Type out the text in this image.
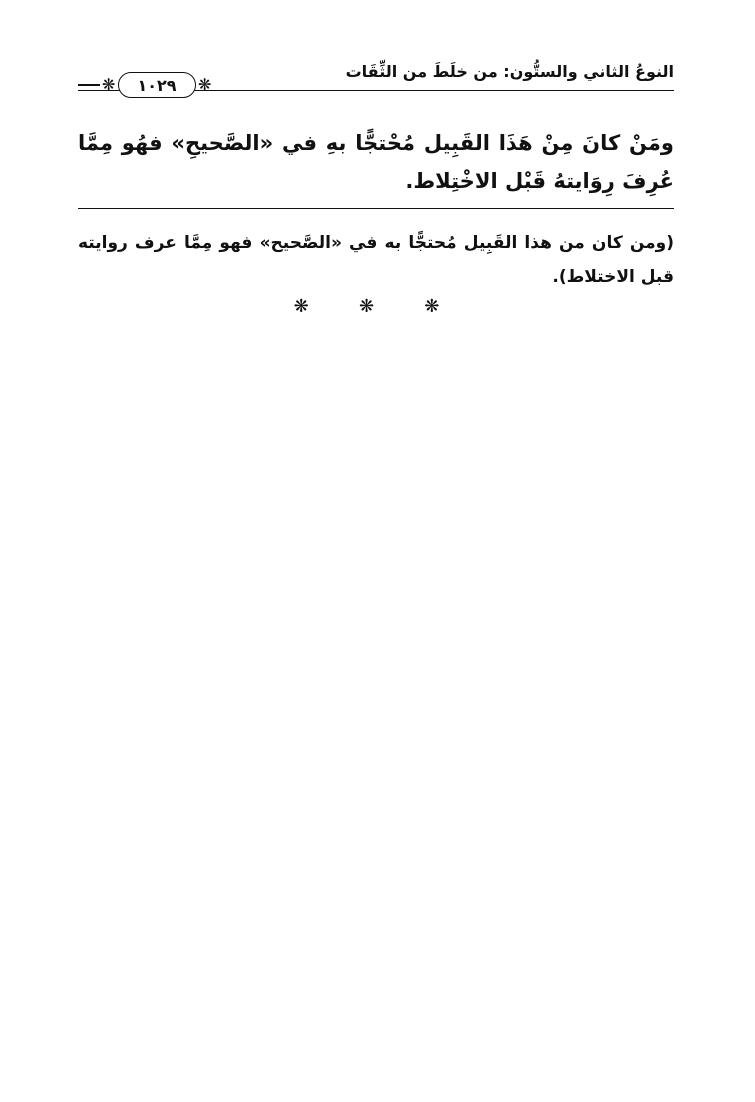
النوعُ الثاني والستُّون: من خلَطَ من الثِّقَات
❋	١٠٢٩	❋
ومَنْ كانَ مِنْ هَذَا القَبِيل مُحْتجًّا بهِ في «الصَّحيحِ» فهُو مِمَّا عُرِفَ رِوَايتهُ قَبْل الاخْتِلاط.
(ومن كان من هذا القَبِيل مُحتجًّا به في «الصَّحيح» فهو مِمَّا عرف روايته قبل الاختلاط).
❋ ❋ ❋
